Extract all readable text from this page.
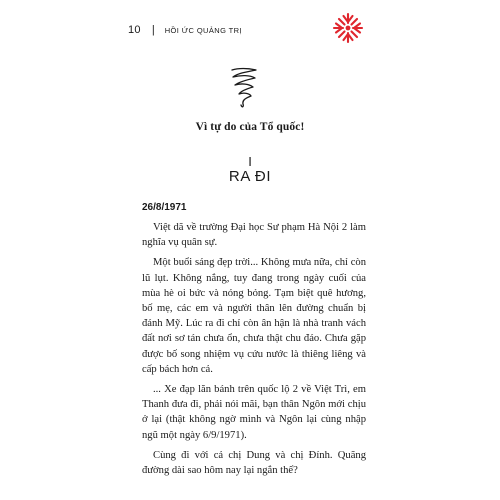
10 | HỒI ỨC QUẢNG TRỊ
Vì tự do của Tổ quốc!
I
RA ĐI
26/8/1971

Việt dã về trường Đại học Sư phạm Hà Nội 2 làm nghĩa vụ quân sự.

Một buổi sáng đẹp trời... Không mưa nữa, chỉ còn lũ lụt. Không nắng, tuy đang trong ngày cuối của mùa hè oi bức và nóng bỏng. Tạm biệt quê hương, bố mẹ, các em và người thân lên đường chuẩn bị đánh Mỹ. Lúc ra đi chỉ còn ân hận là nhà tranh vách đất nơi sơ tán chưa ổn, chưa thật chu đáo. Chưa gặp được bố song nhiệm vụ cứu nước là thiêng liêng và cấp bách hơn cả.

... Xe đạp lăn bánh trên quốc lộ 2 về Việt Trì, em Thanh đưa đi, phải nói mãi, bạn thân Ngôn mới chịu ở lại (thật không ngờ mình và Ngôn lại cùng nhập ngũ một ngày 6/9/1971).

Cùng đi với cả chị Dung và chị Đính. Quãng đường dài sao hôm nay lại ngắn thế?
